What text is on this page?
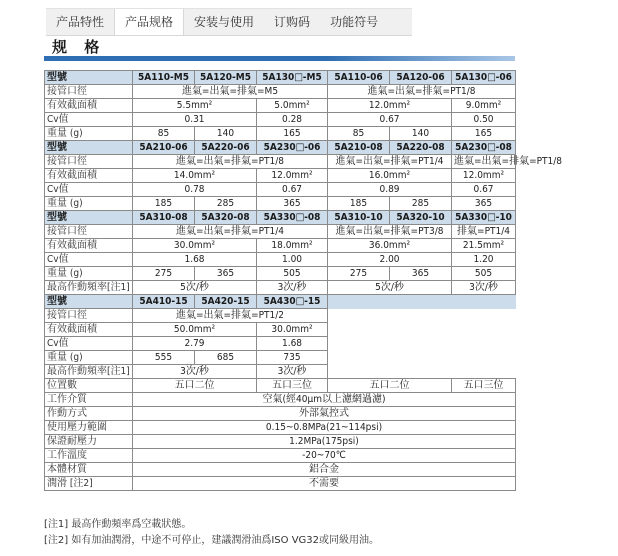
产品特性	产品规格	安装与使用	订购码	功能符号
规 格
型號	5A110-M5	5A120-M5	5A130□-M5	5A110-06	5A120-06	5A130□-06
接管口徑	進氣=出氣=排氣=M5			進氣=出氣=排氣=PT1/8		
有效截面積	5.5mm²		5.0mm²	12.0mm²		9.0mm²
Cv值	0.31		0.28	0.67		0.50
重量 (g)	85	140	165	85	140	165
型號	5A210-06	5A220-06	5A230□-06	5A210-08	5A220-08	5A230□-08
接管口徑	進氣=出氣=排氣=PT1/8			進氣=出氣=排氣=PT1/4		進氣=出氣=排氣=PT1/8
有效截面積	14.0mm²		12.0mm²	16.0mm²		12.0mm²
Cv值	0.78		0.67	0.89		0.67
重量 (g)	185	285	365	185	285	365
型號	5A310-08	5A320-08	5A330□-08	5A310-10	5A320-10	5A330□-10
接管口徑	進氣=出氣=排氣=PT1/4			進氣=出氣=排氣=PT3/8		排氣=PT1/4
有效截面積	30.0mm²		18.0mm²	36.0mm²		21.5mm²
Cv值	1.68		1.00	2.00		1.20
重量 (g)	275	365	505	275	365	505
最高作動頻率[注1]	5次/秒		3次/秒	5次/秒		3次/秒
型號	5A410-15	5A420-15	5A430□-15			
接管口徑	進氣=出氣=排氣=PT1/2					
有效截面積	50.0mm²		30.0mm²			
Cv值	2.79		1.68			
重量 (g)	555	685	735			
最高作動頻率[注1]	3次/秒		3次/秒			
位置數	五口二位		五口三位	五口二位		五口三位
工作介質	空氣(經40μm以上濾網過濾)					
作動方式	外部氣控式					
使用壓力範圍	0.15~0.8MPa(21~114psi)					
保證耐壓力	1.2MPa(175psi)					
工作溫度	-20~70℃					
本體材質	鋁合金					
潤滑 [注2]	不需要					
[注1] 最高作動頻率爲空載狀態。
[注2] 如有加油潤滑，中途不可停止，建議潤滑油爲ISO VG32或同級用油。
